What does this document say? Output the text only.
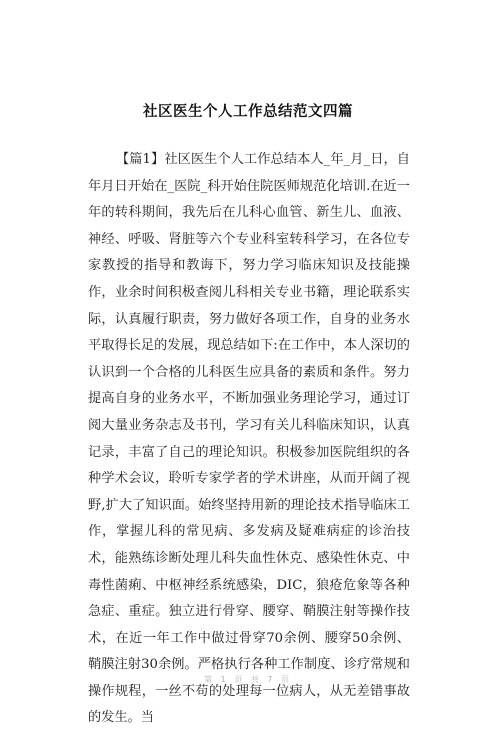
社区医生个人工作总结范文四篇

【篇1】社区医生个人工作总结本人_年_月_日，自年月日开始在_医院_科开始住院医师规范化培训.在近一年的转科期间，我先后在儿科心血管、新生儿、血液、神经、呼吸、肾脏等六个专业科室转科学习，在各位专家教授的指导和教诲下，努力学习临床知识及技能操作，业余时间积极查阅儿科相关专业书籍，理论联系实际，认真履行职责，努力做好各项工作，自身的业务水平取得长足的发展，现总结如下:在工作中，本人深切的认识到一个合格的儿科医生应具备的素质和条件。努力提高自身的业务水平，不断加强业务理论学习，通过订阅大量业务杂志及书刊，学习有关儿科临床知识，认真记录，丰富了自己的理论知识。积极参加医院组织的各种学术会议，聆听专家学者的学术讲座，从而开阔了视野,扩大了知识面。始终坚持用新的理论技术指导临床工作，掌握儿科的常见病、多发病及疑难病症的诊治技术，能熟练诊断处理儿科失血性休克、感染性休克、中毒性菌痢、中枢神经系统感染，DIC，狼疮危象等各种急症、重症。独立进行骨穿、腰穿、鞘膜注射等操作技术，在近一年工作中做过骨穿70余例、腰穿50余例、鞘膜注射30余例。严格执行各种工作制度、诊疗常规和操作规程，一丝不苟的处理每一位病人，从无差错事故的发生。当

第 1 页 共 7 页
